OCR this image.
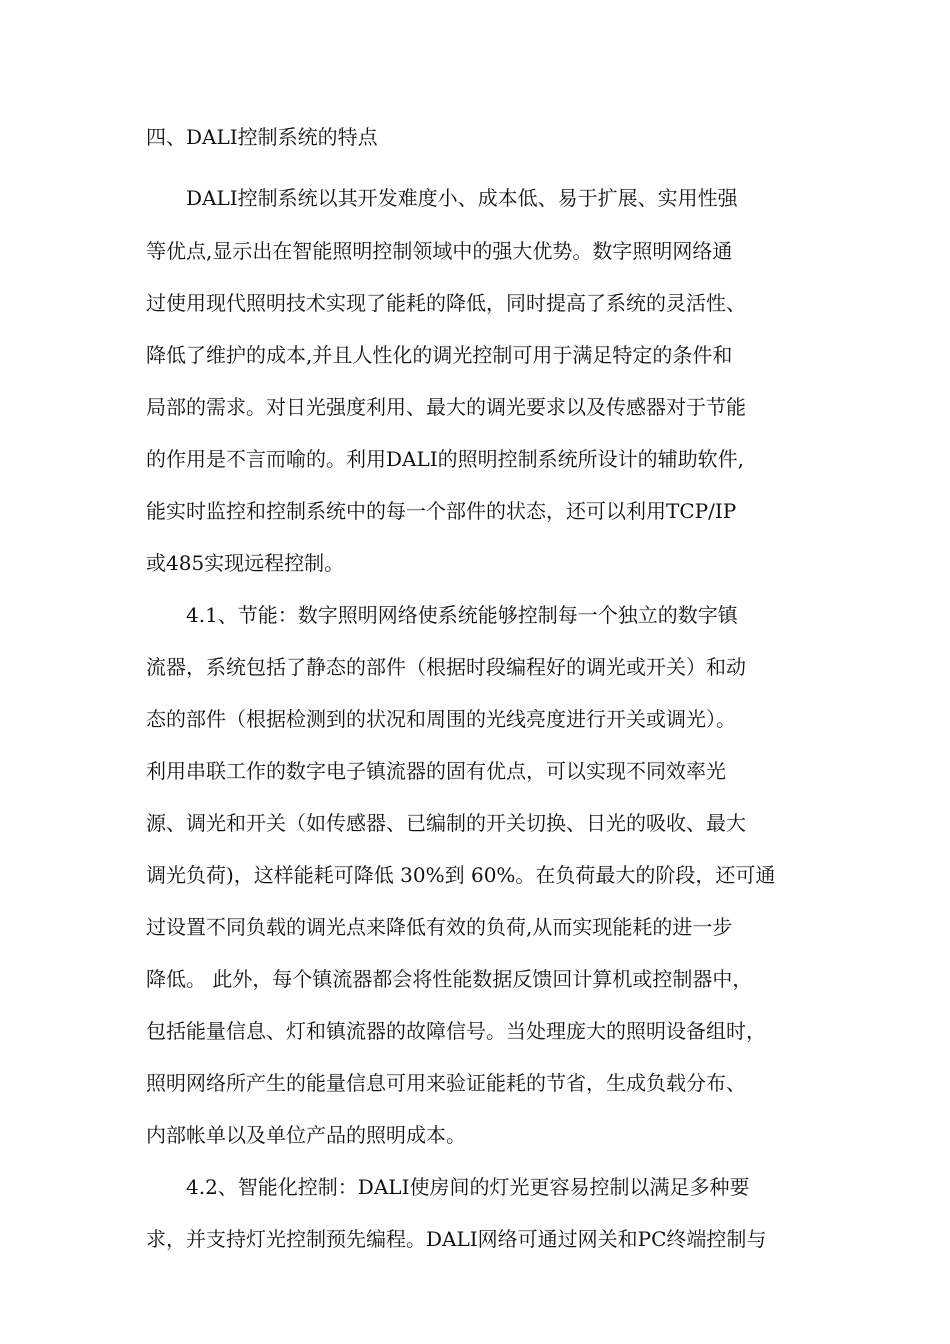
四、DALI控制系统的特点
DALI控制系统以其开发难度小、成本低、易于扩展、实用性强
等优点,显示出在智能照明控制领域中的强大优势。数字照明网络通
过使用现代照明技术实现了能耗的降低，同时提高了系统的灵活性、
降低了维护的成本,并且人性化的调光控制可用于满足特定的条件和
局部的需求。对日光强度利用、最大的调光要求以及传感器对于节能
的作用是不言而喻的。利用DALI的照明控制系统所设计的辅助软件,
能实时监控和控制系统中的每一个部件的状态，还可以利用TCP/IP
或485实现远程控制。
4.1、节能：数字照明网络使系统能够控制每一个独立的数字镇
流器，系统包括了静态的部件（根据时段编程好的调光或开关）和动
态的部件（根据检测到的状况和周围的光线亮度进行开关或调光）。
利用串联工作的数字电子镇流器的固有优点，可以实现不同效率光
源、调光和开关（如传感器、已编制的开关切换、日光的吸收、最大
调光负荷)，这样能耗可降低 30%到 60%。在负荷最大的阶段，还可通
过设置不同负载的调光点来降低有效的负荷,从而实现能耗的进一步
降低。 此外，每个镇流器都会将性能数据反馈回计算机或控制器中，
包括能量信息、灯和镇流器的故障信号。当处理庞大的照明设备组时，
照明网络所产生的能量信息可用来验证能耗的节省，生成负载分布、
内部帐单以及单位产品的照明成本。
4.2、智能化控制：DALI使房间的灯光更容易控制以满足多种要
求，并支持灯光控制预先编程。DALI网络可通过网关和PC终端控制与
